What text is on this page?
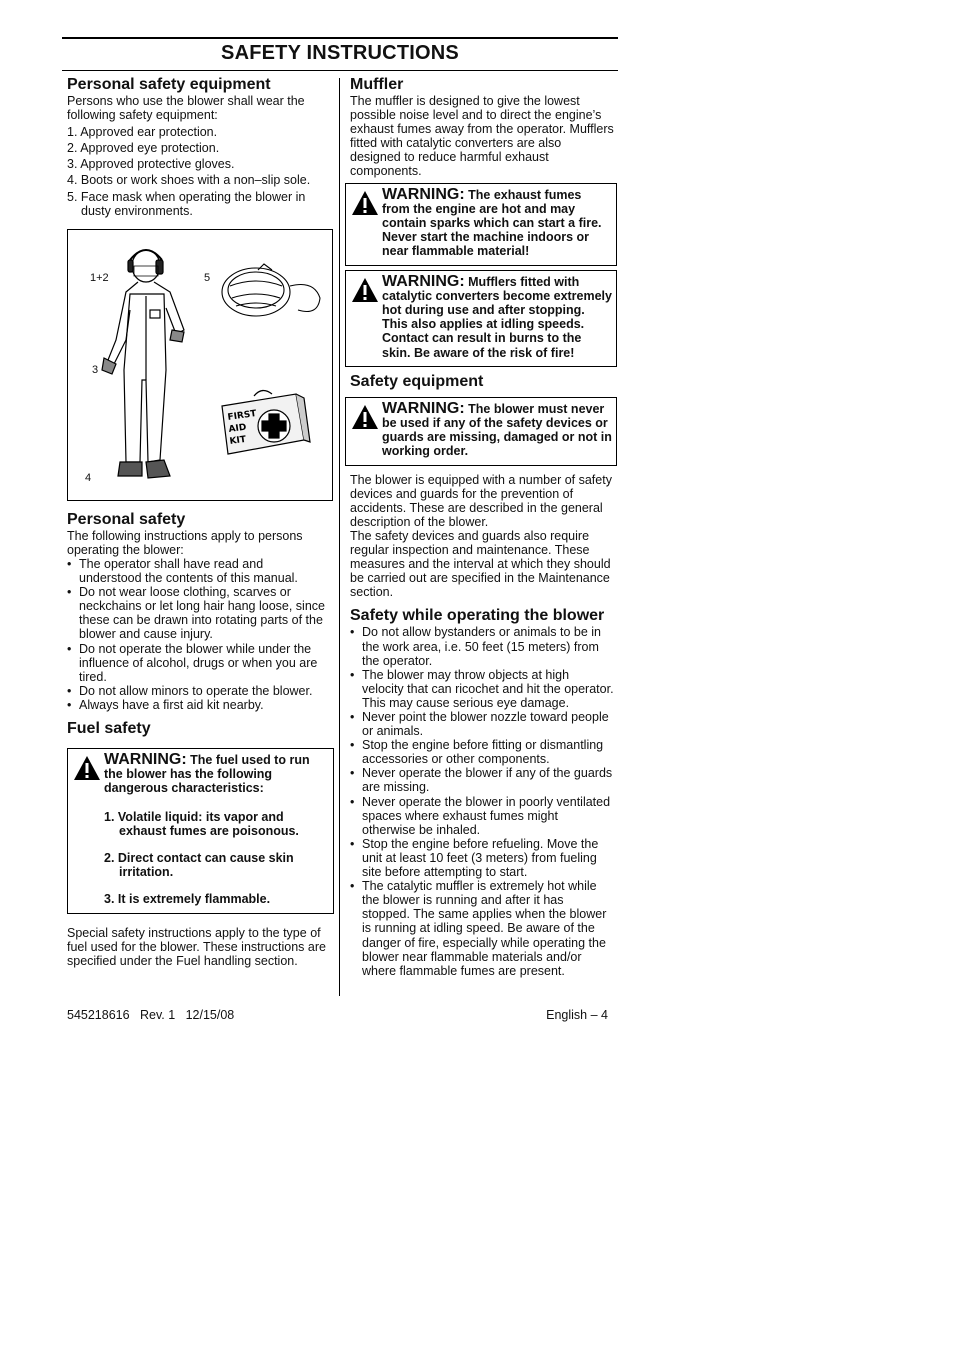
SAFETY INSTRUCTIONS
Personal safety equipment

Persons who use the blower shall wear the following safety equipment:

1. Approved ear protection.
2. Approved eye protection.
3. Approved protective gloves.
4. Boots or work shoes with a non–slip sole.
5. Face mask when operating the blower in dusty environments.
1+2	5
3
4
FIRST
AID
KIT
Personal safety

The following instructions apply to persons operating the blower:

• The operator shall have read and understood the contents of this manual.
• Do not wear loose clothing, scarves or neckchains or let long hair hang loose, since these can be drawn into rotating parts of the blower and cause injury.
• Do not operate the blower while under the influence of alcohol, drugs or when you are tired.
• Do not allow minors to operate the blower.
• Always have a first aid kit nearby.
Fuel safety
WARNING: The fuel used to run the blower has the following dangerous characteristics:
1. Volatile liquid: its vapor and exhaust fumes are poisonous.
2. Direct contact can cause skin irritation.
3. It is extremely flammable.

Special safety instructions apply to the type of fuel used for the blower. These instructions are specified under the Fuel handling section.

Muffler

The muffler is designed to give the lowest possible noise level and to direct the engine’s exhaust fumes away from the operator. Mufflers fitted with catalytic converters are also designed to reduce harmful exhaust components.

WARNING: The exhaust fumes from the engine are hot and may contain sparks which can start a fire. Never start the machine indoors or near flammable material!
WARNING: Mufflers fitted with catalytic converters become extremely hot during use and after stopping. This also applies at idling speeds. Contact can result in burns to the skin. Be aware of the risk of fire!
Safety equipment
WARNING: The blower must never be used if any of the safety devices or guards are missing, damaged or not in working order.

The blower is equipped with a number of safety devices and guards for the prevention of accidents. These are described in the general description of the blower.

The safety devices and guards also require regular inspection and maintenance. These measures and the interval at which they should be carried out are specified in the Maintenance section.

Safety while operating the blower
• Do not allow bystanders or animals to be in the work area, i.e. 50 feet (15 meters) from the operator.
• The blower may throw objects at high velocity that can ricochet and hit the operator. This may cause serious eye damage.
• Never point the blower nozzle toward people or animals.
• Stop the engine before fitting or dismantling accessories or other components.
• Never operate the blower if any of the guards are missing.
• Never operate the blower in poorly ventilated spaces where exhaust fumes might otherwise be inhaled.
• Stop the engine before refueling. Move the unit at least 10 feet (3 meters) from fueling site before attempting to start.
• The catalytic muffler is extremely hot while the blower is running and after it has stopped. The same applies when the blower is running at idling speed. Be aware of the danger of fire, especially while operating the blower near flammable materials and/or where flammable fumes are present.
545218616   Rev. 1   12/15/08	English – 4
